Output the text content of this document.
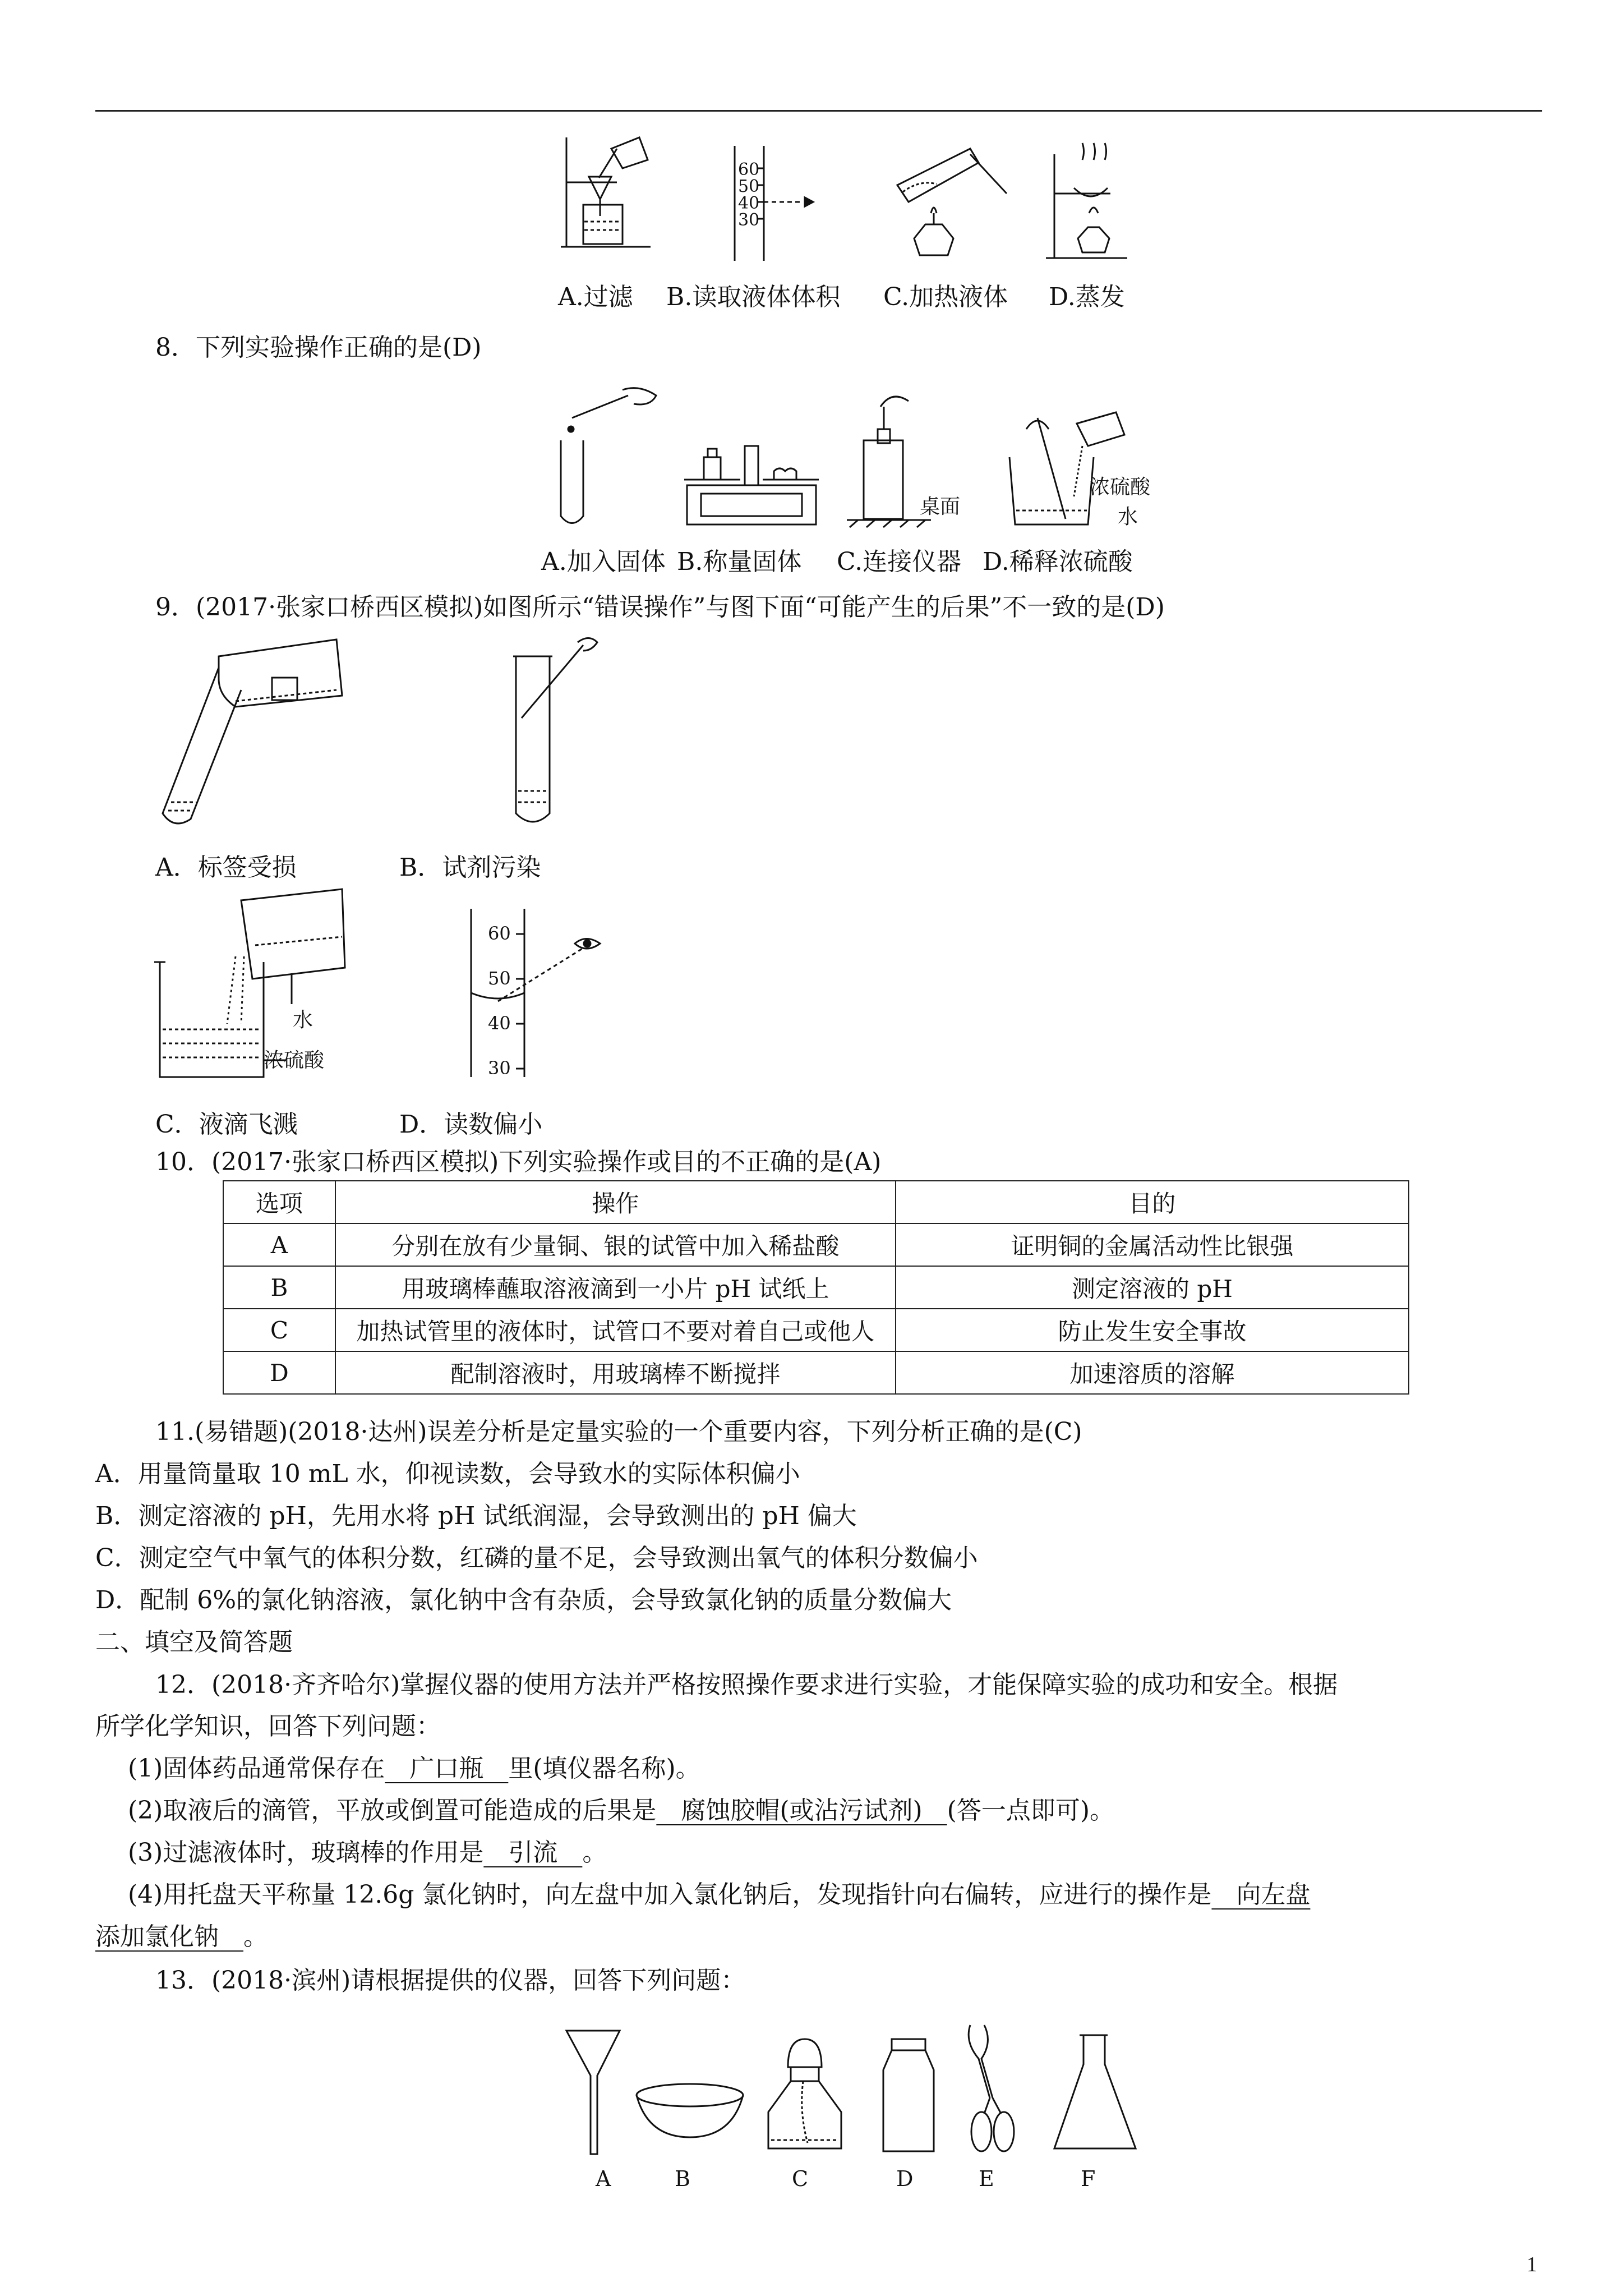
60
50
40
30
A.过滤 B.读取液体体积 C.加热液体 D.蒸发
8．下列实验操作正确的是(D)
桌面
浓硫酸
水
A.加入固体 B.称量固体 C.连接仪器 D.稀释浓硫酸
9．(2017·张家口桥西区模拟)如图所示“错误操作”与图下面“可能产生的后果”不一致的是(D)
A．标签受损	B．试剂污染
水
浓硫酸
60
50
40
30
C．液滴飞溅	D．读数偏小
10．(2017·张家口桥西区模拟)下列实验操作或目的不正确的是(A)
选项	操作	目的
A	分别在放有少量铜、银的试管中加入稀盐酸	证明铜的金属活动性比银强
B	用玻璃棒蘸取溶液滴到一小片 pH 试纸上	测定溶液的 pH
C	加热试管里的液体时，试管口不要对着自己或他人	防止发生安全事故
D	配制溶液时，用玻璃棒不断搅拌	加速溶质的溶解
11.(易错题)(2018·达州)误差分析是定量实验的一个重要内容，下列分析正确的是(C)
A．用量筒量取 10 mL 水，仰视读数，会导致水的实际体积偏小
B．测定溶液的 pH，先用水将 pH 试纸润湿，会导致测出的 pH 偏大
C．测定空气中氧气的体积分数，红磷的量不足，会导致测出氧气的体积分数偏小
D．配制 6%的氯化钠溶液，氯化钠中含有杂质，会导致氯化钠的质量分数偏大
二、填空及简答题
12．(2018·齐齐哈尔)掌握仪器的使用方法并严格按照操作要求进行实验，才能保障实验的成功和安全。根据
所学化学知识，回答下列问题：
(1)固体药品通常保存在　广口瓶　里(填仪器名称)。
(2)取液后的滴管，平放或倒置可能造成的后果是　腐蚀胶帽(或沾污试剂)　(答一点即可)。
(3)过滤液体时，玻璃棒的作用是　引流　。
(4)用托盘天平称量 12.6g 氯化钠时，向左盘中加入氯化钠后，发现指针向右偏转，应进行的操作是　向左盘
添加氯化钠　。
13．(2018·滨州)请根据提供的仪器，回答下列问题：
A	B	C	D	E	F
1
